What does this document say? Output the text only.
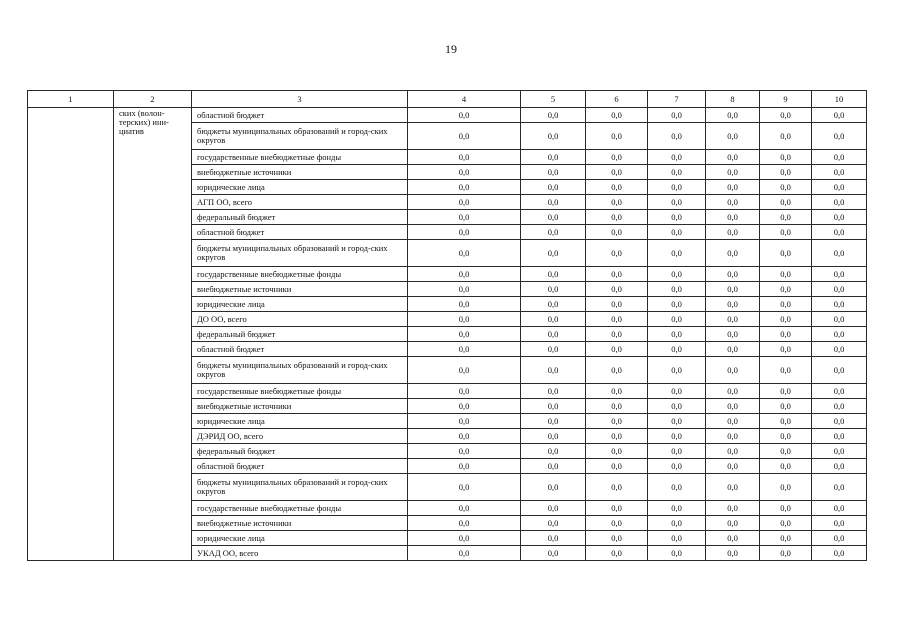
19
1	2	3	4	5	6	7	8	9	10
	ских (волон-терских) ини-циатив	областной бюджет	0,0	0,0	0,0	0,0	0,0	0,0	0,0
		бюджеты муниципальных образований и город-ских округов	0,0	0,0	0,0	0,0	0,0	0,0	0,0
		государственные внебюджетные фонды	0,0	0,0	0,0	0,0	0,0	0,0	0,0
		внебюджетные источники	0,0	0,0	0,0	0,0	0,0	0,0	0,0
		юридические лица	0,0	0,0	0,0	0,0	0,0	0,0	0,0
		АГП ОО, всего	0,0	0,0	0,0	0,0	0,0	0,0	0,0
		федеральный бюджет	0,0	0,0	0,0	0,0	0,0	0,0	0,0
		областной бюджет	0,0	0,0	0,0	0,0	0,0	0,0	0,0
		бюджеты муниципальных образований и город-ских округов	0,0	0,0	0,0	0,0	0,0	0,0	0,0
		государственные внебюджетные фонды	0,0	0,0	0,0	0,0	0,0	0,0	0,0
		внебюджетные источники	0,0	0,0	0,0	0,0	0,0	0,0	0,0
		юридические лица	0,0	0,0	0,0	0,0	0,0	0,0	0,0
		ДО ОО, всего	0,0	0,0	0,0	0,0	0,0	0,0	0,0
		федеральный бюджет	0,0	0,0	0,0	0,0	0,0	0,0	0,0
		областной бюджет	0,0	0,0	0,0	0,0	0,0	0,0	0,0
		бюджеты муниципальных образований и город-ских округов	0,0	0,0	0,0	0,0	0,0	0,0	0,0
		государственные внебюджетные фонды	0,0	0,0	0,0	0,0	0,0	0,0	0,0
		внебюджетные источники	0,0	0,0	0,0	0,0	0,0	0,0	0,0
		юридические лица	0,0	0,0	0,0	0,0	0,0	0,0	0,0
		ДЭРИД ОО, всего	0,0	0,0	0,0	0,0	0,0	0,0	0,0
		федеральный бюджет	0,0	0,0	0,0	0,0	0,0	0,0	0,0
		областной бюджет	0,0	0,0	0,0	0,0	0,0	0,0	0,0
		бюджеты муниципальных образований и город-ских округов	0,0	0,0	0,0	0,0	0,0	0,0	0,0
		государственные внебюджетные фонды	0,0	0,0	0,0	0,0	0,0	0,0	0,0
		внебюджетные источники	0,0	0,0	0,0	0,0	0,0	0,0	0,0
		юридические лица	0,0	0,0	0,0	0,0	0,0	0,0	0,0
		УКАД ОО, всего	0,0	0,0	0,0	0,0	0,0	0,0	0,0
